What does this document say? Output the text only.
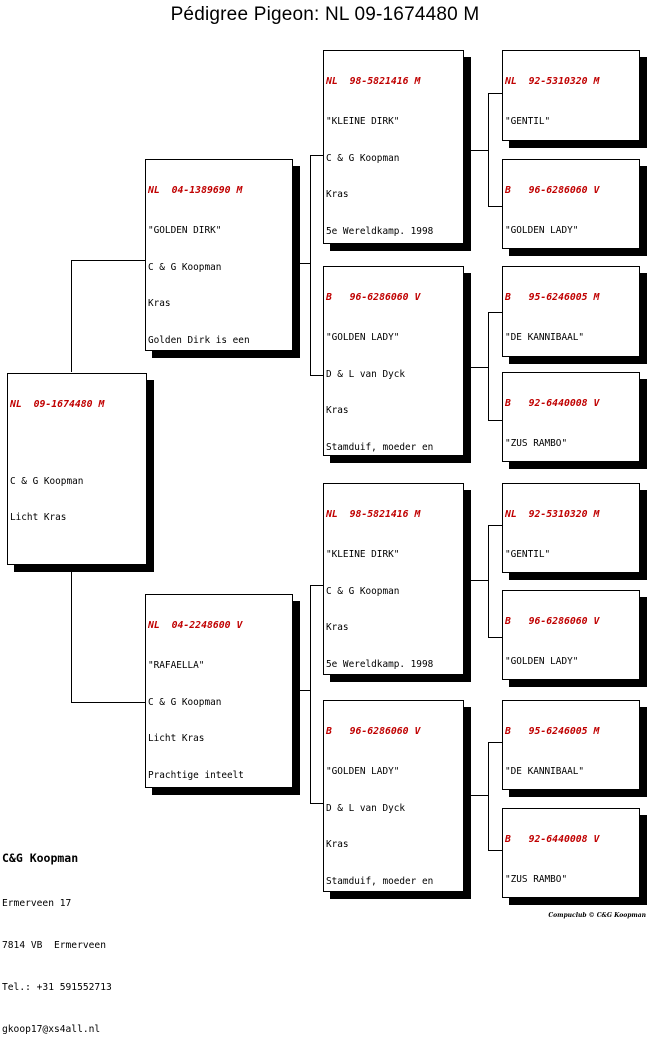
Pédigree Pigeon: NL 09-1674480 M

NL  09-1674480 M

C & G Koopman

Licht Kras

NL  04-1389690 M

"GOLDEN DIRK"

C & G Koopman

Kras

Golden Dirk is een

NL  04-2248600 V

"RAFAELLA"

C & G Koopman

Licht Kras

Prachtige inteelt

NL  98-5821416 M

"KLEINE DIRK"

C & G Koopman

Kras

5e Wereldkamp. 1998

B   96-6286060 V

"GOLDEN LADY"

D & L van Dyck

Kras

Stamduif, moeder en

NL  98-5821416 M

"KLEINE DIRK"

C & G Koopman

Kras

5e Wereldkamp. 1998

B   96-6286060 V

"GOLDEN LADY"

D & L van Dyck

Kras

Stamduif, moeder en

NL  92-5310320 M

"GENTIL"

B   96-6286060 V

"GOLDEN LADY"

B   95-6246005 M

"DE KANNIBAAL"

B   92-6440008 V

"ZUS RAMBO"

NL  92-5310320 M

"GENTIL"

B   96-6286060 V

"GOLDEN LADY"

B   95-6246005 M

"DE KANNIBAAL"

B   92-6440008 V

"ZUS RAMBO"

C&G Koopman

Ermerveen 17

7814 VB  Ermerveen

Tel.: +31 591552713

gkoop17@xs4all.nl

Compuclub © C&G Koopman
